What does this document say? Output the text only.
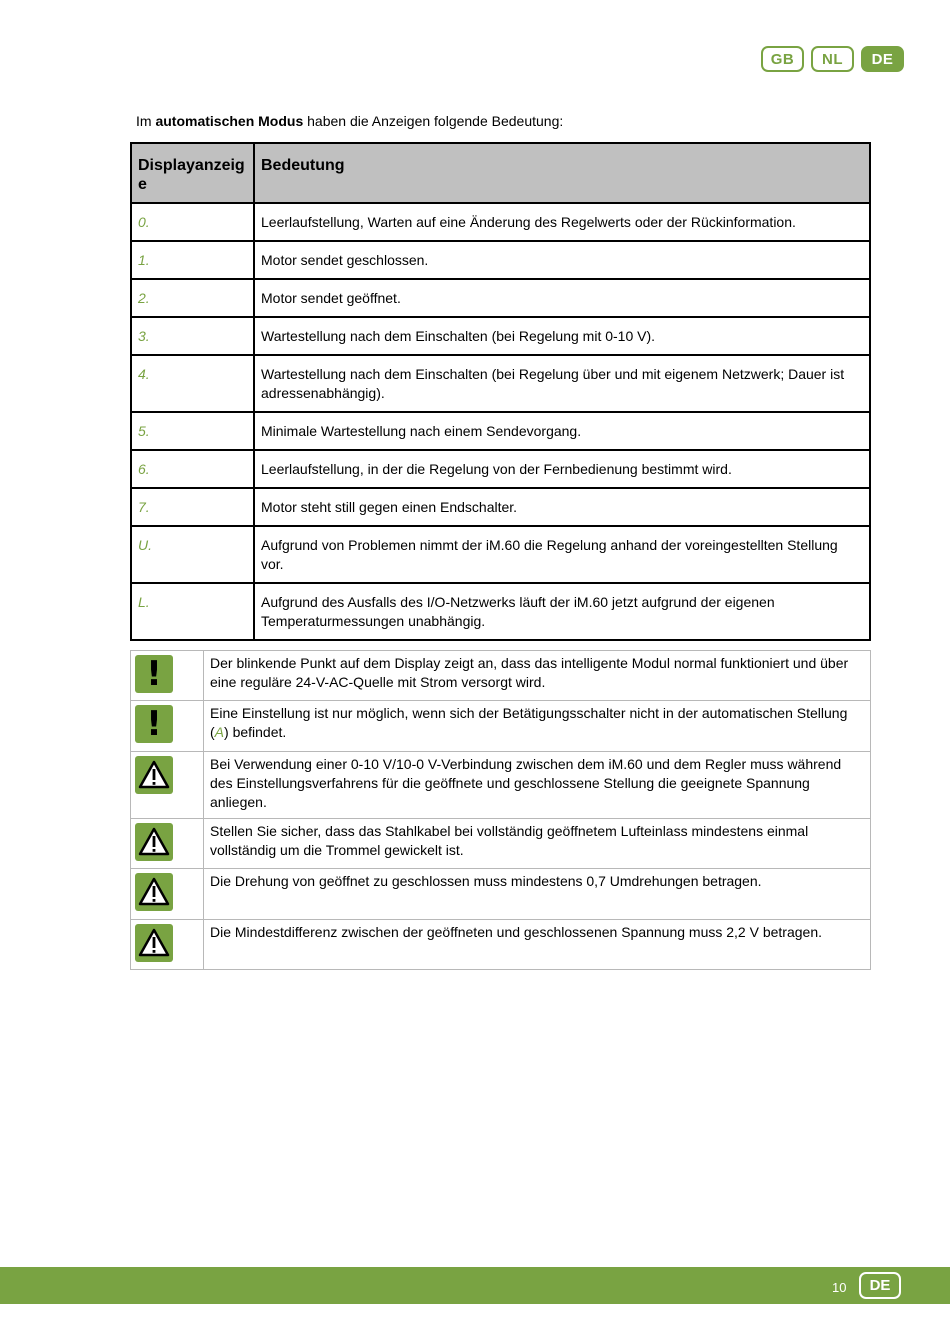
GB	NL	DE
Im automatischen Modus haben die Anzeigen folgende Bedeutung:
Displayanzeig e	Bedeutung
0.	Leerlaufstellung, Warten auf eine Änderung des Regelwerts oder der Rückinformation.
1.	Motor sendet geschlossen.
2.	Motor sendet geöffnet.
3.	Wartestellung nach dem Einschalten (bei Regelung mit 0-10 V).
4.	Wartestellung nach dem Einschalten (bei Regelung über und mit eigenem Netzwerk; Dauer ist adressenabhängig).
5.	Minimale Wartestellung nach einem Sendevorgang.
6.	Leerlaufstellung, in der die Regelung von der Fernbedienung bestimmt wird.
7.	Motor steht still gegen einen Endschalter.
U.	Aufgrund von Problemen nimmt der iM.60 die Regelung anhand der voreingestellten Stellung vor.
L.	Aufgrund des Ausfalls des I/O-Netzwerks läuft der iM.60 jetzt aufgrund der eigenen Temperaturmessungen unabhängig.
!	Der blinkende Punkt auf dem Display zeigt an, dass das intelligente Modul normal funktioniert und über eine reguläre 24-V-AC-Quelle mit Strom versorgt wird.

!	Eine Einstellung ist nur möglich, wenn sich der Betätigungsschalter nicht in der automatischen Stellung (A) befindet.

	Bei Verwendung einer 0-10 V/10-0 V-Verbindung zwischen dem iM.60 und dem Regler muss während des Einstellungsverfahrens für die geöffnete und geschlossene Stellung die geeignete Spannung anliegen.

	Stellen Sie sicher, dass das Stahlkabel bei vollständig geöffnetem Lufteinlass mindestens einmal vollständig um die Trommel gewickelt ist.

	Die Drehung von geöffnet zu geschlossen muss mindestens 0,7 Umdrehungen betragen.

	Die Mindestdifferenz zwischen der geöffneten und geschlossenen Spannung muss 2,2 V betragen.
10	DE
